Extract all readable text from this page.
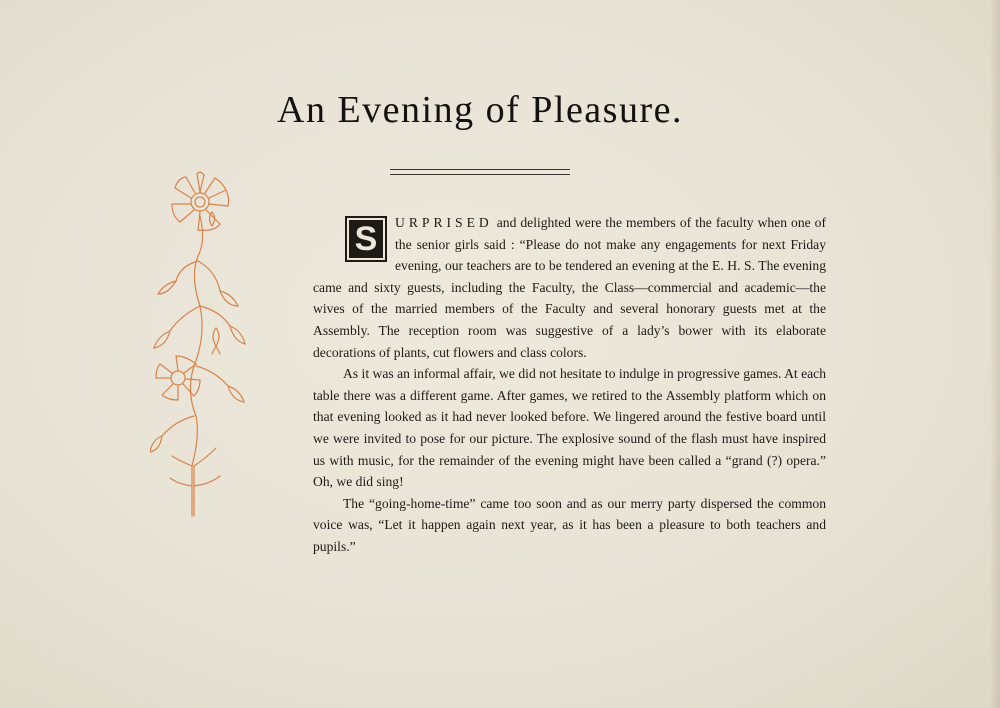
An Evening of Pleasure.

S	URPRISED and delighted were the members of the faculty when one of the senior girls said : “Please do not make any engagements for next Friday evening, our teachers are to be tendered an evening at the E. H. S. The evening came and sixty guests, including the Faculty, the Class—commercial and academic—the wives of the married members of the Faculty and several honorary guests met at the Assembly. The reception room was suggestive of a lady’s bower with its elaborate decorations of plants, cut flowers and class colors.

As it was an informal affair, we did not hesitate to indulge in progressive games. At each table there was a different game. After games, we retired to the Assembly platform which on that evening looked as it had never looked before. We lingered around the festive board until we were invited to pose for our picture. The explosive sound of the flash must have inspired us with music, for the remainder of the evening might have been called a “grand (?) opera.” Oh, we did sing!

The “going-home-time” came too soon and as our merry party dispersed the common voice was, “Let it happen again next year, as it has been a pleasure to both teachers and pupils.”
